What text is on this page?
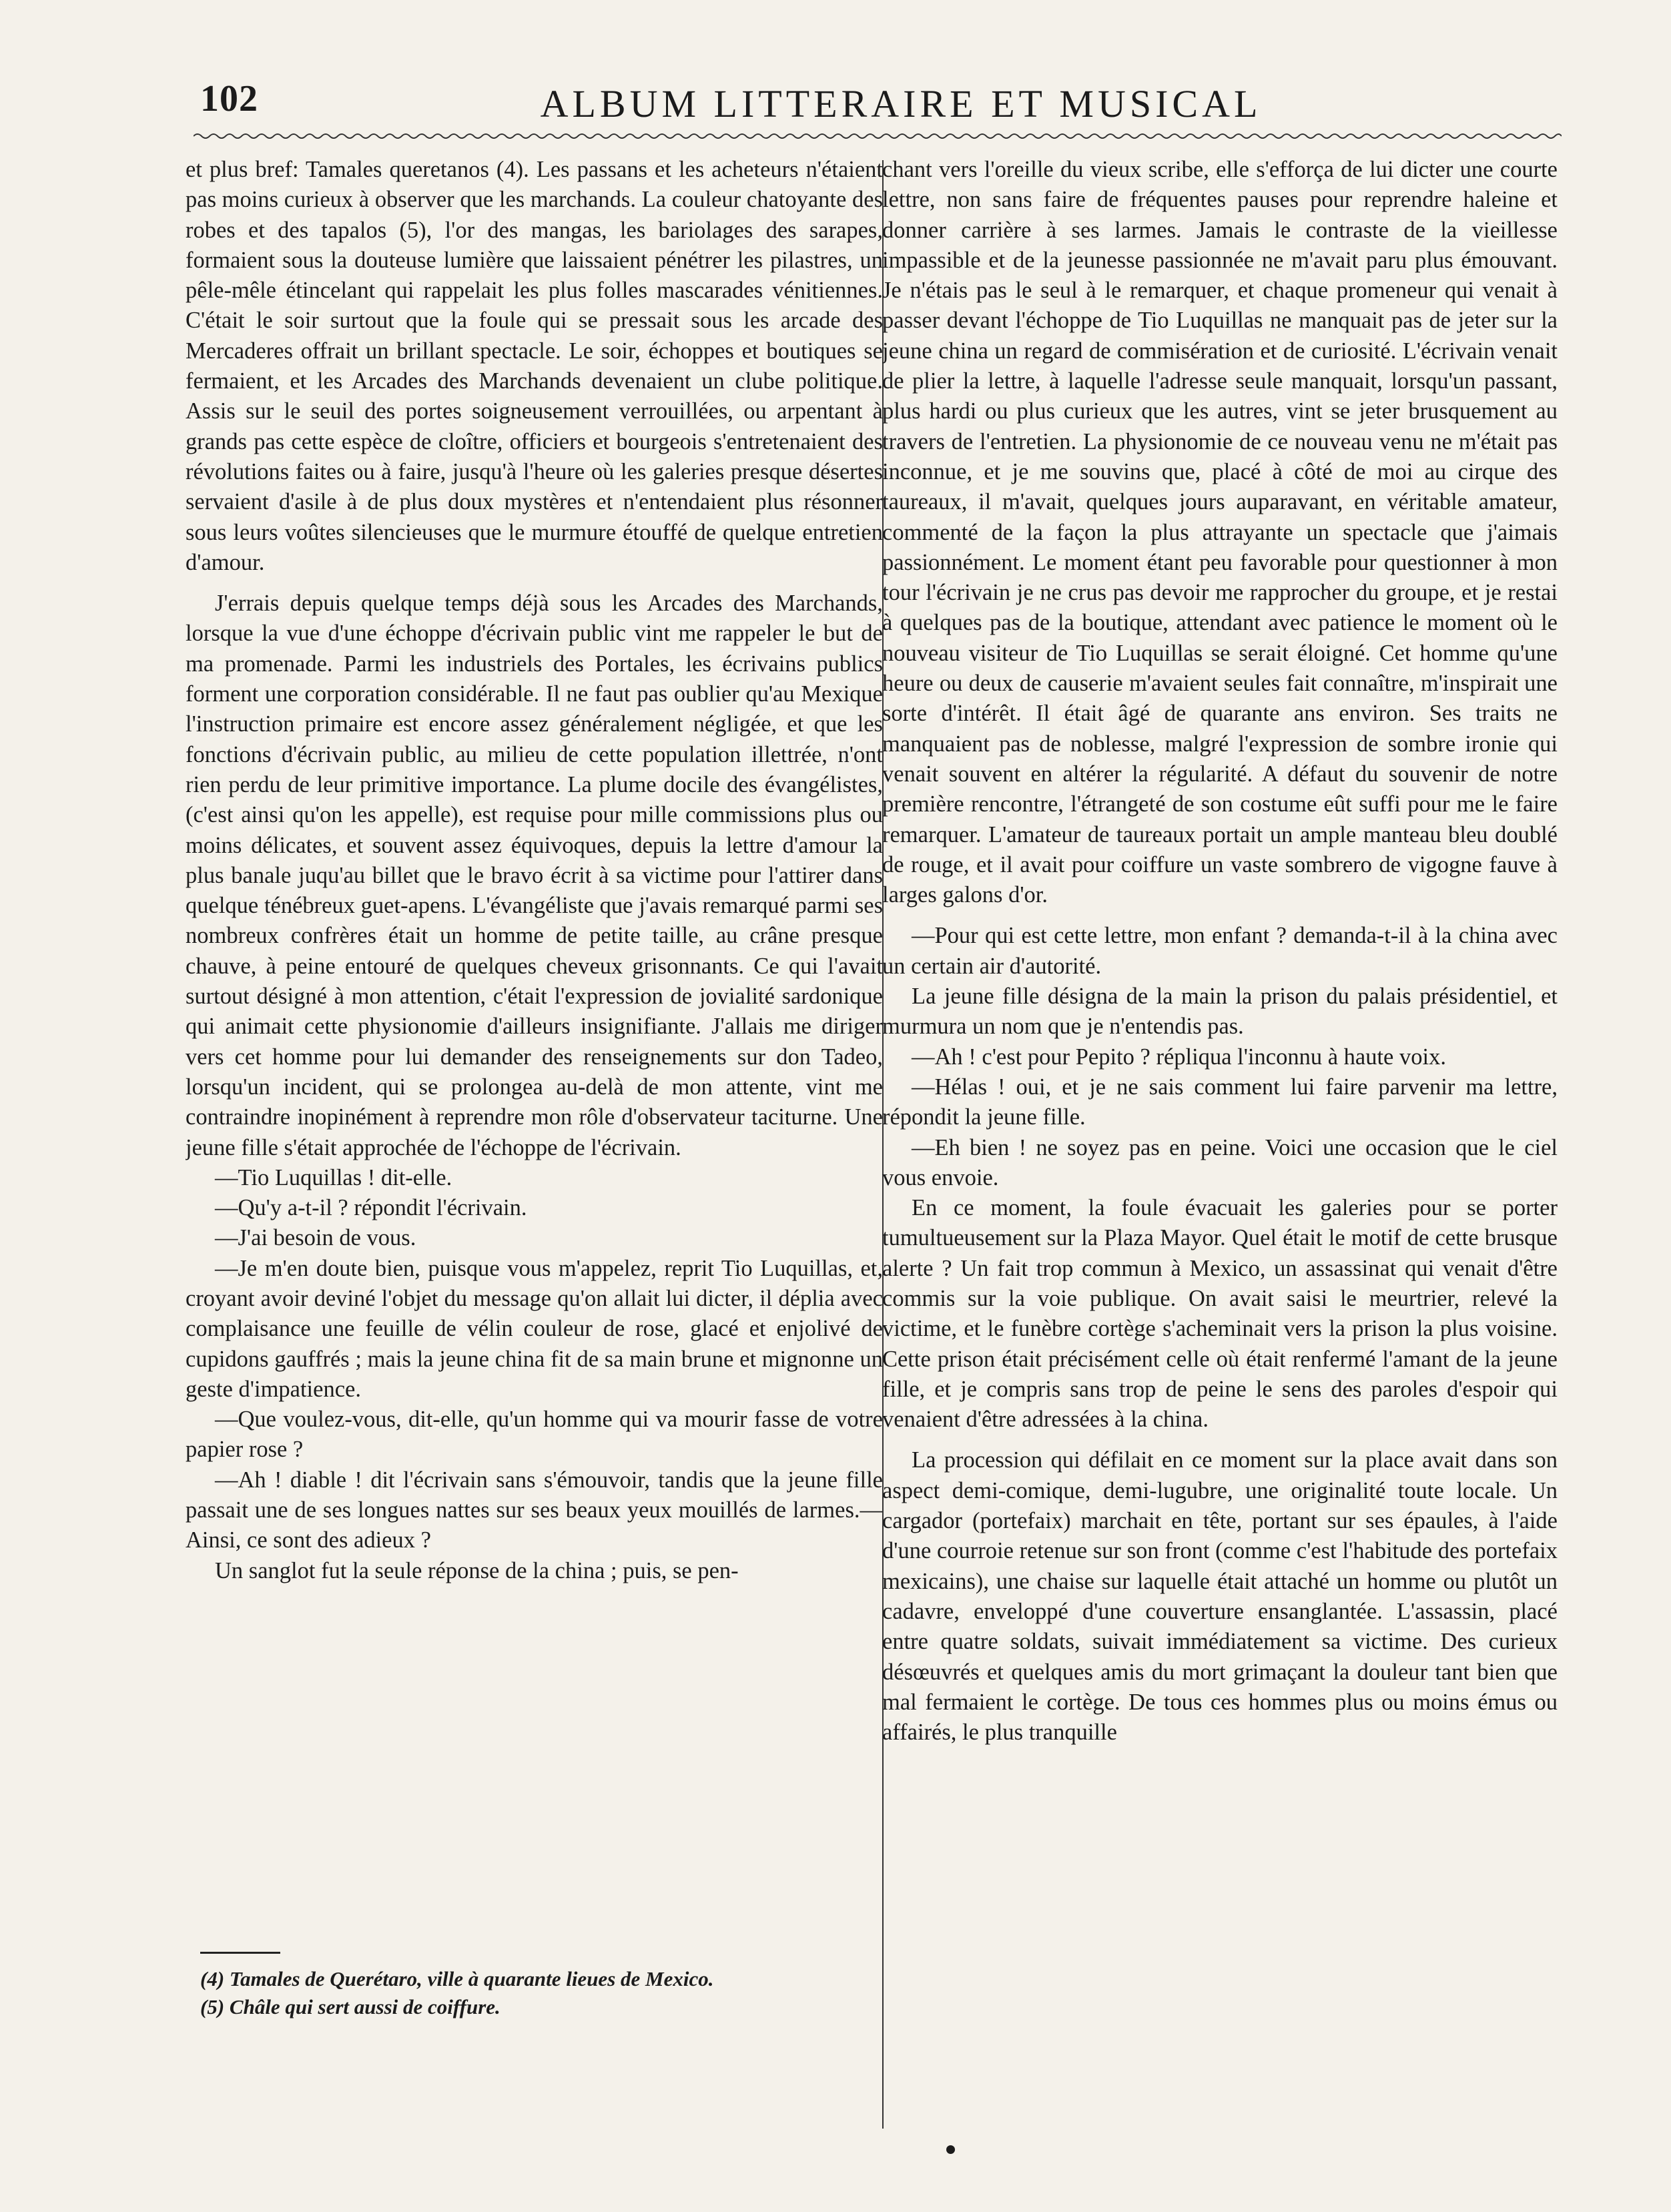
102	ALBUM LITTERAIRE ET MUSICAL

et plus bref: Tamales queretanos (4). Les passans et les acheteurs n'étaient pas moins curieux à observer que les marchands. La couleur chatoyante des robes et des tapalos (5), l'or des mangas, les bariolages des sarapes, formaient sous la douteuse lumière que laissaient pénétrer les pilastres, un pêle-mêle étincelant qui rappelait les plus folles mascarades vénitiennes. C'était le soir surtout que la foule qui se pressait sous les arcade des Mercaderes offrait un brillant spectacle. Le soir, échoppes et boutiques se fermaient, et les Arcades des Marchands devenaient un clube politique. Assis sur le seuil des portes soigneusement verrouillées, ou arpentant à grands pas cette espèce de cloître, officiers et bourgeois s'entretenaient des révolutions faites ou à faire, jusqu'à l'heure où les galeries presque désertes servaient d'asile à de plus doux mystères et n'entendaient plus résonner sous leurs voûtes silencieuses que le murmure étouffé de quelque entretien d'amour.

J'errais depuis quelque temps déjà sous les Arcades des Marchands, lorsque la vue d'une échoppe d'écrivain public vint me rappeler le but de ma promenade. Parmi les industriels des Portales, les écrivains publics forment une corporation considérable. Il ne faut pas oublier qu'au Mexique l'instruction primaire est encore assez généralement négligée, et que les fonctions d'écrivain public, au milieu de cette population illettrée, n'ont rien perdu de leur primitive importance. La plume docile des évangélistes, (c'est ainsi qu'on les appelle), est requise pour mille commissions plus ou moins délicates, et souvent assez équivoques, depuis la lettre d'amour la plus banale juqu'au billet que le bravo écrit à sa victime pour l'attirer dans quelque ténébreux guet-apens. L'évangéliste que j'avais remarqué parmi ses nombreux confrères était un homme de petite taille, au crâne presque chauve, à peine entouré de quelques cheveux grisonnants. Ce qui l'avait surtout désigné à mon attention, c'était l'expression de jovialité sardonique qui animait cette physionomie d'ailleurs insignifiante. J'allais me diriger vers cet homme pour lui demander des renseignements sur don Tadeo, lorsqu'un incident, qui se prolongea au-delà de mon attente, vint me contraindre inopinément à reprendre mon rôle d'observateur taciturne. Une jeune fille s'était approchée de l'échoppe de l'écrivain.

—Tio Luquillas ! dit-elle.

—Qu'y a-t-il ? répondit l'écrivain.

—J'ai besoin de vous.

—Je m'en doute bien, puisque vous m'appelez, reprit Tio Luquillas, et, croyant avoir deviné l'objet du message qu'on allait lui dicter, il déplia avec complaisance une feuille de vélin couleur de rose, glacé et enjolivé de cupidons gauffrés ; mais la jeune china fit de sa main brune et mignonne un geste d'impatience.

—Que voulez-vous, dit-elle, qu'un homme qui va mourir fasse de votre papier rose ?

—Ah ! diable ! dit l'écrivain sans s'émouvoir, tandis que la jeune fille passait une de ses longues nattes sur ses beaux yeux mouillés de larmes.—Ainsi, ce sont des adieux ?

Un sanglot fut la seule réponse de la china ; puis, se pen-

chant vers l'oreille du vieux scribe, elle s'efforça de lui dicter une courte lettre, non sans faire de fréquentes pauses pour reprendre haleine et donner carrière à ses larmes. Jamais le contraste de la vieillesse impassible et de la jeunesse passionnée ne m'avait paru plus émouvant. Je n'étais pas le seul à le remarquer, et chaque promeneur qui venait à passer devant l'échoppe de Tio Luquillas ne manquait pas de jeter sur la jeune china un regard de commisération et de curiosité. L'écrivain venait de plier la lettre, à laquelle l'adresse seule manquait, lorsqu'un passant, plus hardi ou plus curieux que les autres, vint se jeter brusquement au travers de l'entretien. La physionomie de ce nouveau venu ne m'était pas inconnue, et je me souvins que, placé à côté de moi au cirque des taureaux, il m'avait, quelques jours auparavant, en véritable amateur, commenté de la façon la plus attrayante un spectacle que j'aimais passionnément. Le moment étant peu favorable pour questionner à mon tour l'écrivain je ne crus pas devoir me rapprocher du groupe, et je restai à quelques pas de la boutique, attendant avec patience le moment où le nouveau visiteur de Tio Luquillas se serait éloigné. Cet homme qu'une heure ou deux de causerie m'avaient seules fait connaître, m'inspirait une sorte d'intérêt. Il était âgé de quarante ans environ. Ses traits ne manquaient pas de noblesse, malgré l'expression de sombre ironie qui venait souvent en altérer la régularité. A défaut du souvenir de notre première rencontre, l'étrangeté de son costume eût suffi pour me le faire remarquer. L'amateur de taureaux portait un ample manteau bleu doublé de rouge, et il avait pour coiffure un vaste sombrero de vigogne fauve à larges galons d'or.

—Pour qui est cette lettre, mon enfant ? demanda-t-il à la china avec un certain air d'autorité.

La jeune fille désigna de la main la prison du palais présidentiel, et murmura un nom que je n'entendis pas.

—Ah ! c'est pour Pepito ? répliqua l'inconnu à haute voix.

—Hélas ! oui, et je ne sais comment lui faire parvenir ma lettre, répondit la jeune fille.

—Eh bien ! ne soyez pas en peine. Voici une occasion que le ciel vous envoie.

En ce moment, la foule évacuait les galeries pour se porter tumultueusement sur la Plaza Mayor. Quel était le motif de cette brusque alerte ? Un fait trop commun à Mexico, un assassinat qui venait d'être commis sur la voie publique. On avait saisi le meurtrier, relevé la victime, et le funèbre cortège s'acheminait vers la prison la plus voisine. Cette prison était précisément celle où était renfermé l'amant de la jeune fille, et je compris sans trop de peine le sens des paroles d'espoir qui venaient d'être adressées à la china.

La procession qui défilait en ce moment sur la place avait dans son aspect demi-comique, demi-lugubre, une originalité toute locale. Un cargador (portefaix) marchait en tête, portant sur ses épaules, à l'aide d'une courroie retenue sur son front (comme c'est l'habitude des portefaix mexicains), une chaise sur laquelle était attaché un homme ou plutôt un cadavre, enveloppé d'une couverture ensanglantée. L'assassin, placé entre quatre soldats, suivait immédiatement sa victime. Des curieux désœuvrés et quelques amis du mort grimaçant la douleur tant bien que mal fermaient le cortège. De tous ces hommes plus ou moins émus ou affairés, le plus tranquille

(4) Tamales de Querétaro, ville à quarante lieues de Mexico.
(5) Châle qui sert aussi de coiffure.
